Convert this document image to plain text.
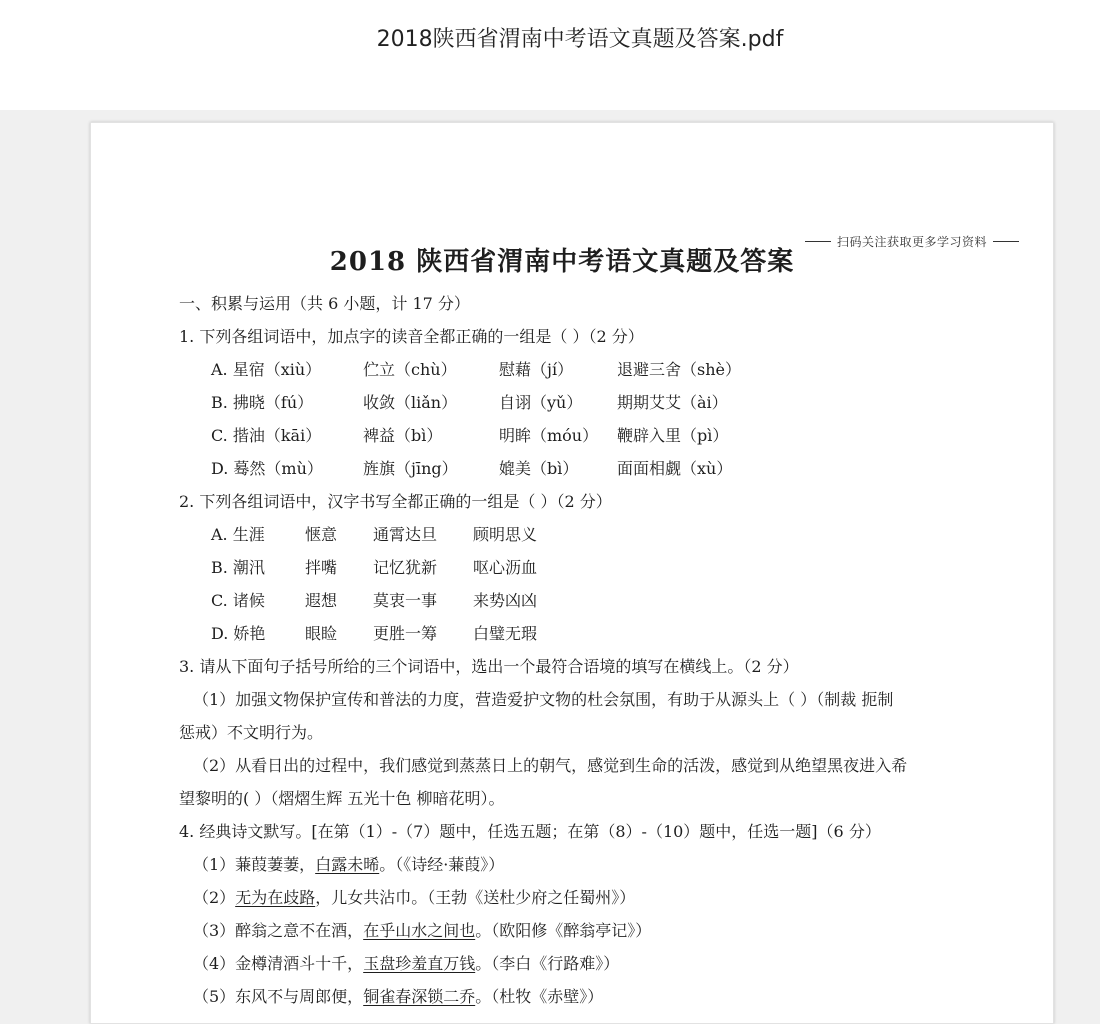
2018陕西省渭南中考语文真题及答案.pdf
扫码关注获取更多学习资料
2018 陕西省渭南中考语文真题及答案
一、积累与运用（共 6 小题，计 17 分）
1. 下列各组词语中，加点字的读音全都正确的一组是（ ）（2 分）
A. 星宿（xiù）	伫立（chù）	慰藉（jí）	退避三舍（shè）
B. 拂晓（fú）	收敛（liǎn）	自诩（yǔ）	期期艾艾（ài）
C. 揩油（kāi）	裨益（bì）	明眸（móu）	鞭辟入里（pì）
D. 蓦然（mù）	旌旗（jīng）	媲美（bì）	面面相觑（xù）
2. 下列各组词语中，汉字书写全都正确的一组是（ ）（2 分）
A. 生涯	惬意	通霄达旦	顾明思义
B. 潮汛	拌嘴	记忆犹新	呕心沥血
C. 诸候	遐想	莫衷一事	来势凶凶
D. 娇艳	眼睑	更胜一筹	白璧无瑕
3. 请从下面句子括号所给的三个词语中，选出一个最符合语境的填写在横线上。（2 分）
（1）加强文物保护宣传和普法的力度，营造爱护文物的杜会氛围，有助于从源头上（ ）（制裁 扼制
惩戒）不文明行为。
（2）从看日出的过程中，我们感觉到蒸蒸日上的朝气，感觉到生命的活泼，感觉到从绝望黑夜进入希
望黎明的( ）（熠熠生辉 五光十色 柳暗花明）。
4. 经典诗文默写。[在第（1）-（7）题中，任选五题；在第（8）-（10）题中，任选一题]（6 分）
（1）蒹葭萋萋，白露未晞。（《诗经·蒹葭》）
（2）无为在歧路，儿女共沾巾。（王勃《送杜少府之任蜀州》）
（3）醉翁之意不在酒，在乎山水之间也。（欧阳修《醉翁亭记》）
（4）金樽清酒斗十千，玉盘珍羞直万钱。（李白《行路难》）
（5）东风不与周郎便，铜雀春深锁二乔。（杜牧《赤壁》）
